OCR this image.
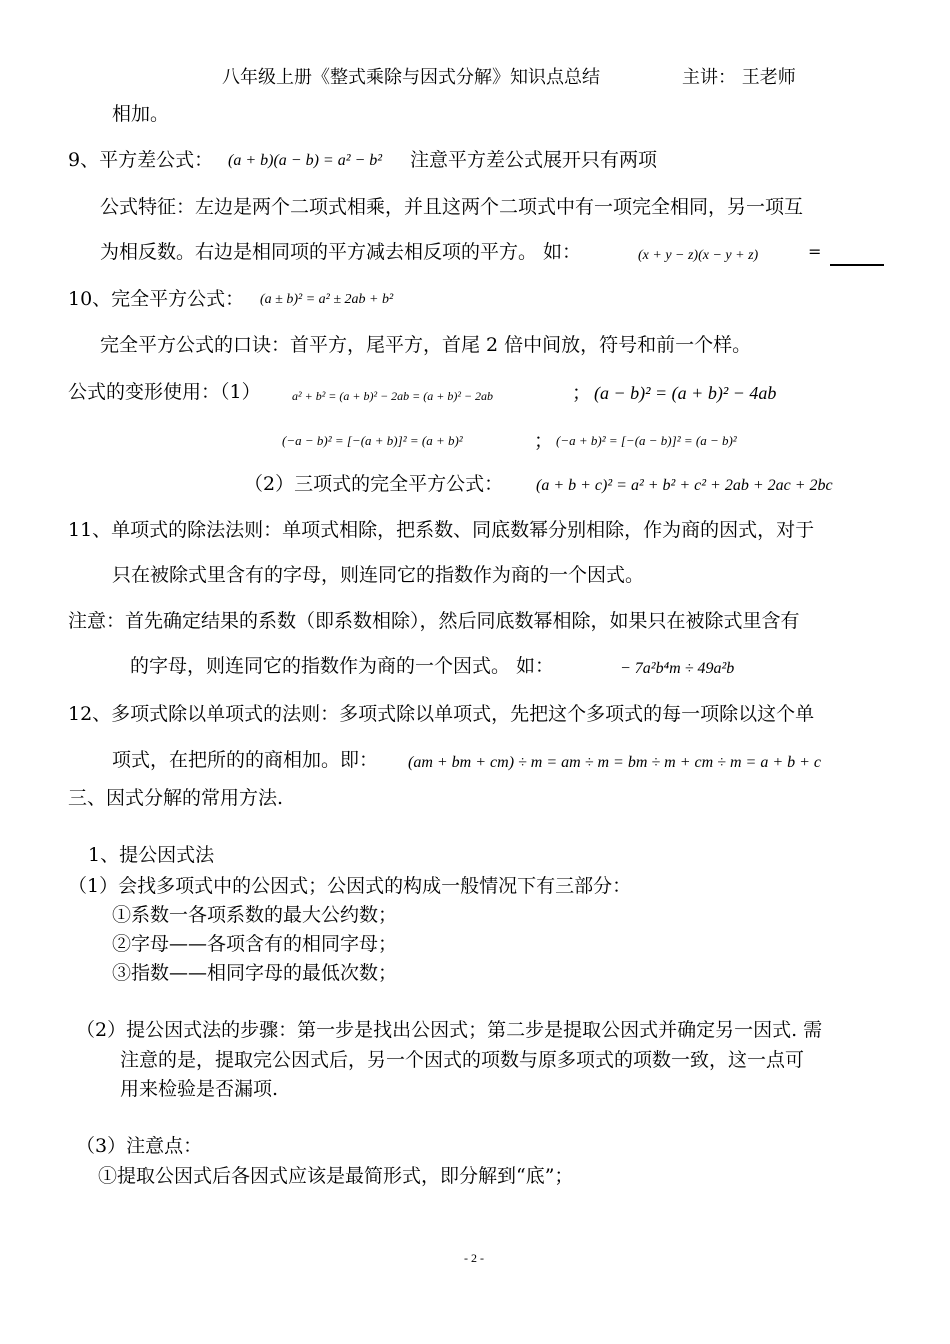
八年级上册《整式乘除与因式分解》知识点总结	主讲： 王老师
相加。
9、平方差公式： (a + b)(a − b) = a² − b² 注意平方差公式展开只有两项
公式特征：左边是两个二项式相乘，并且这两个二项式中有一项完全相同，另一项互
为相反数。右边是相同项的平方减去相反项的平方。 如：	(x + y − z)(x − y + z)	=
10、完全平方公式： (a ± b)² = a² ± 2ab + b²
完全平方公式的口诀：首平方，尾平方，首尾 2 倍中间放，符号和前一个样。
公式的变形使用：（1）	a² + b² = (a + b)² − 2ab = (a + b)² − 2ab	； (a − b)² = (a + b)² − 4ab
(−a − b)² = [−(a + b)]² = (a + b)²	； (−a + b)² = [−(a − b)]² = (a − b)²
（2）三项式的完全平方公式： (a + b + c)² = a² + b² + c² + 2ab + 2ac + 2bc
11、单项式的除法法则：单项式相除，把系数、同底数幂分别相除，作为商的因式，对于
只在被除式里含有的字母，则连同它的指数作为商的一个因式。
注意：首先确定结果的系数（即系数相除），然后同底数幂相除，如果只在被除式里含有
的字母，则连同它的指数作为商的一个因式。 如：	− 7a²b⁴m ÷ 49a²b
12、多项式除以单项式的法则：多项式除以单项式，先把这个多项式的每一项除以这个单
项式，在把所的的商相加。即： (am + bm + cm) ÷ m = am ÷ m = bm ÷ m + cm ÷ m = a + b + c
三、因式分解的常用方法.
1、提公因式法
（1）会找多项式中的公因式；公因式的构成一般情况下有三部分：
①系数一各项系数的最大公约数；
②字母——各项含有的相同字母；
③指数——相同字母的最低次数；
（2）提公因式法的步骤：第一步是找出公因式；第二步是提取公因式并确定另一因式. 需
注意的是，提取完公因式后，另一个因式的项数与原多项式的项数一致，这一点可
用来检验是否漏项.
（3）注意点：
①提取公因式后各因式应该是最简形式，即分解到“底”；
- 2 -
